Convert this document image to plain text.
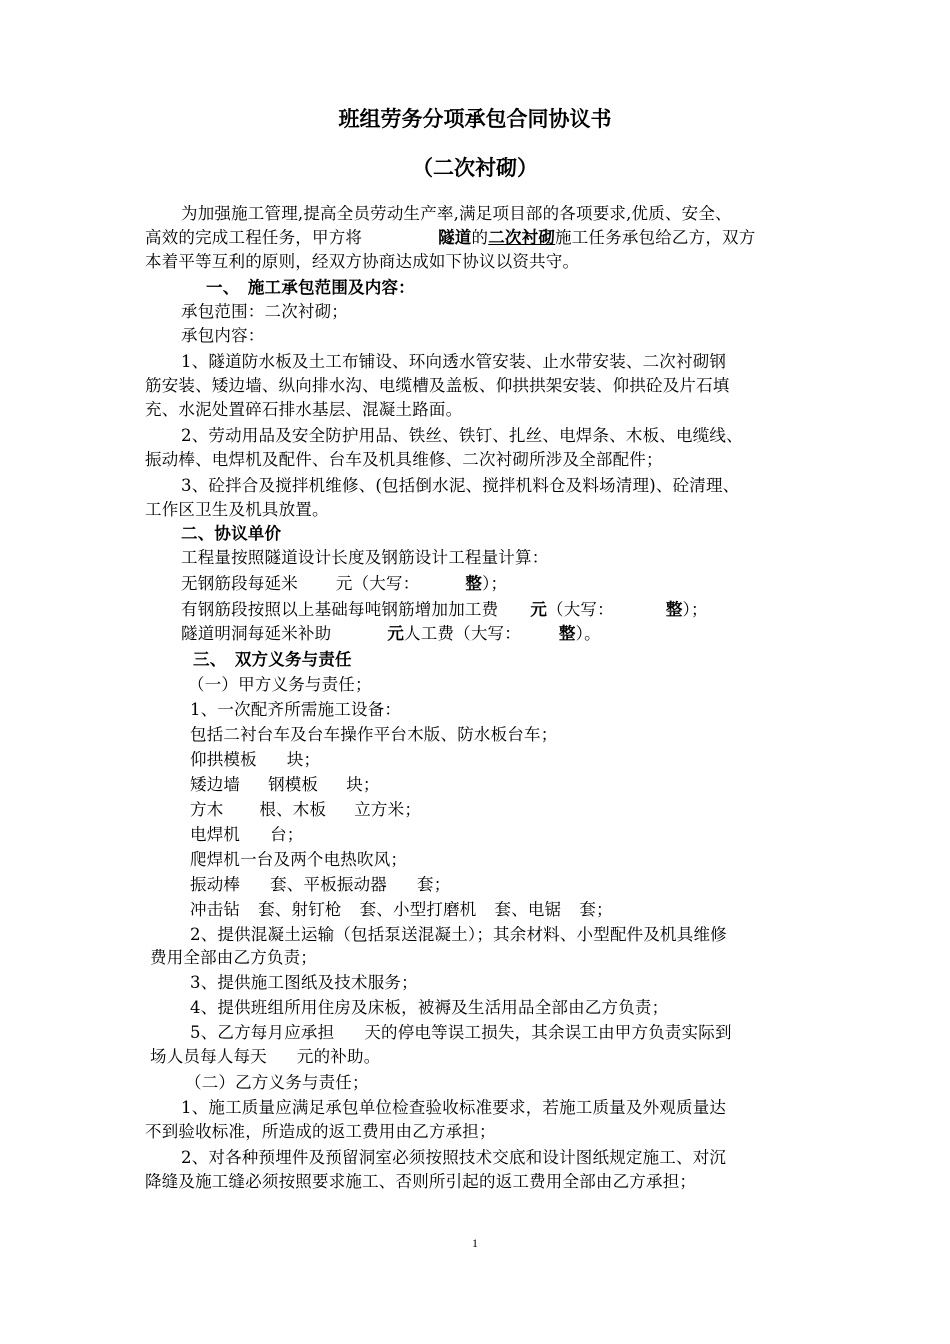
班组劳务分项承包合同协议书
（二次衬砌）
为加强施工管理,提高全员劳动生产率,满足项目部的各项要求,优质、安全、
高效的完成工程任务，甲方将	隧道的二次衬砌施工任务承包给乙方，双方
本着平等互利的原则，经双方协商达成如下协议以资共守。
一、　施工承包范围及内容：
承包范围：二次衬砌；
承包内容：
1、隧道防水板及土工布铺设、环向透水管安装、止水带安装、二次衬砌钢
筋安装、矮边墙、纵向排水沟、电缆槽及盖板、仰拱拱架安装、仰拱砼及片石填
充、水泥处置碎石排水基层、混凝土路面。
2、劳动用品及安全防护用品、铁丝、铁钉、扎丝、电焊条、木板、电缆线、
振动棒、电焊机及配件、台车及机具维修、二次衬砌所涉及全部配件；
3、砼拌合及搅拌机维修、(包括倒水泥、搅拌机料仓及料场清理)、砼清理、
工作区卫生及机具放置。
二、协议单价
工程量按照隧道设计长度及钢筋设计工程量计算：
无钢筋段每延米 元（大写：	整）；
有钢筋段按照以上基础每吨钢筋增加加工费 元（大写：	整）；
隧道明洞每延米补助	元人工费（大写： 整）。
三、　双方义务与责任
（一）甲方义务与责任；
1、一次配齐所需施工设备：
包括二衬台车及台车操作平台木版、防水板台车；
仰拱模板 块；
矮边墙 钢模板 块；
方木 根、木板 立方米；
电焊机 台；
爬焊机一台及两个电热吹风；
振动棒 套、平板振动器 套；
冲击钻 套、射钉枪 套、小型打磨机 套、电锯 套；
2、提供混凝土运输（包括泵送混凝土）；其余材料、小型配件及机具维修
费用全部由乙方负责；
3、提供施工图纸及技术服务；
4、提供班组所用住房及床板，被褥及生活用品全部由乙方负责；
5、乙方每月应承担 天的停电等误工损失，其余误工由甲方负责实际到
场人员每人每天 元的补助。
（二）乙方义务与责任；
1、施工质量应满足承包单位检查验收标准要求，若施工质量及外观质量达
不到验收标准，所造成的返工费用由乙方承担；
2、对各种预埋件及预留洞室必须按照技术交底和设计图纸规定施工、对沉
降缝及施工缝必须按照要求施工、否则所引起的返工费用全部由乙方承担；
1
